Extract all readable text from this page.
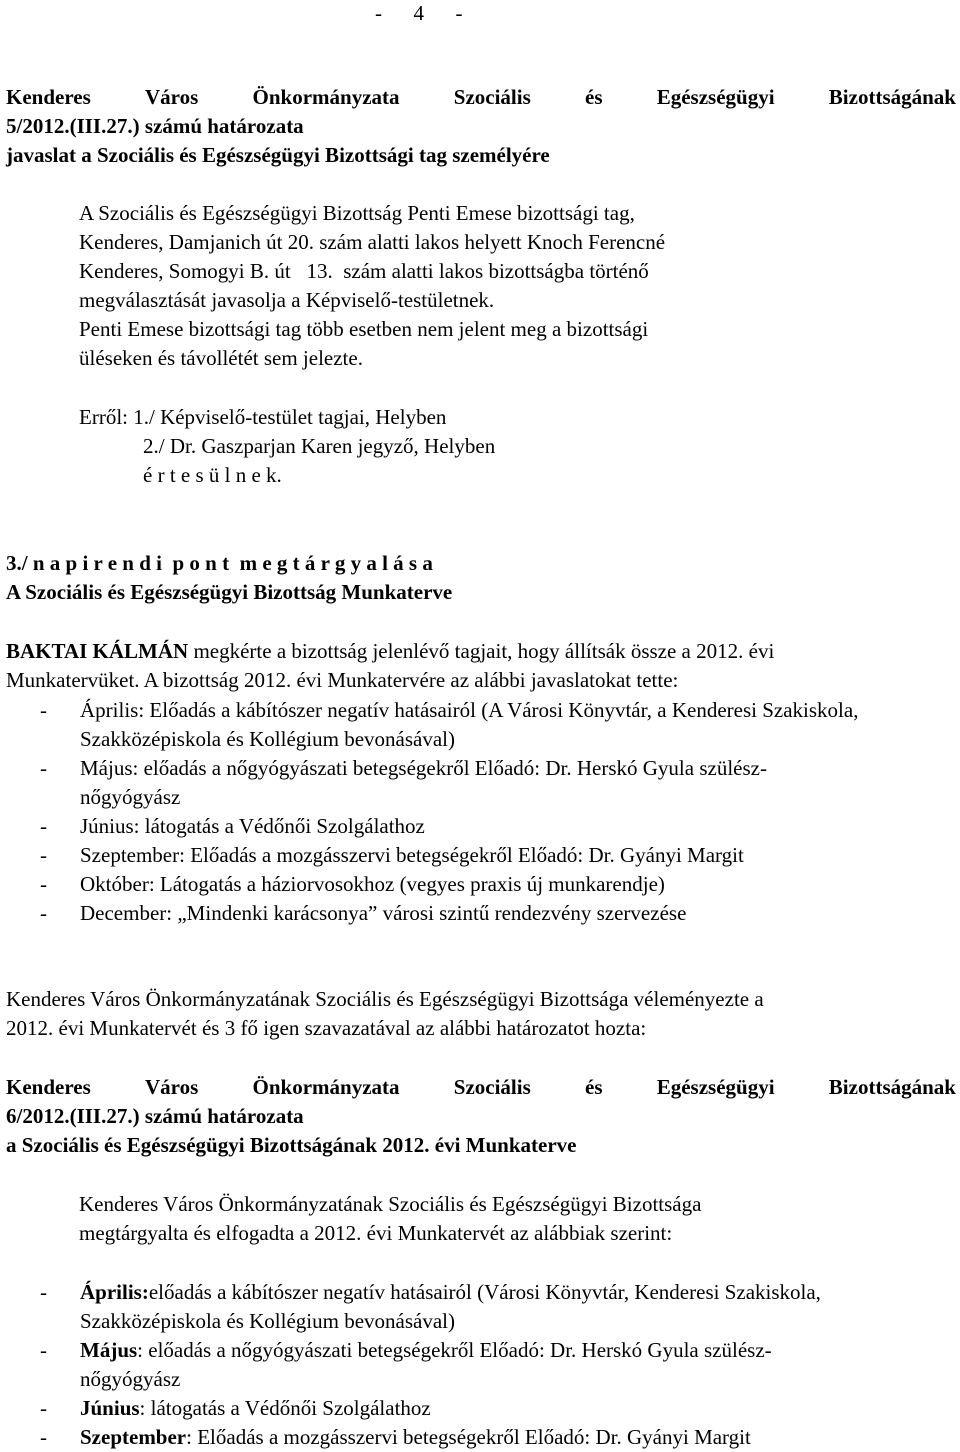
-      4      -
Kenderes	Város	Önkormányzata	Szociális	és	Egészségügyi	Bizottságának
5/2012.(III.27.) számú határozata
javaslat a Szociális és Egészségügyi Bizottsági tag személyére
A Szociális és Egészségügyi Bizottság Penti Emese bizottsági tag,
Kenderes, Damjanich út 20. szám alatti lakos helyett Knoch Ferencné
Kenderes, Somogyi B. út   13.  szám alatti lakos bizottságba történő
megválasztását javasolja a Képviselő-testületnek.
Penti Emese bizottsági tag több esetben nem jelent meg a bizottsági
üléseken és távollétét sem jelezte.
Erről: 1./ Képviselő-testület tagjai, Helyben
2./ Dr. Gaszparjan Karen jegyző, Helyben
é r t e s ü l n e k.
3./ n a p i r e n d i  p o n t  m e g t á r g y a l á s a
A Szociális és Egészségügyi Bizottság Munkaterve
BAKTAI KÁLMÁN megkérte a bizottság jelenlévő tagjait, hogy állítsák össze a 2012. évi
Munkatervüket. A bizottság 2012. évi Munkatervére az alábbi javaslatokat tette:
-	Április: Előadás a kábítószer negatív hatásairól (A Városi Könyvtár, a Kenderesi Szakiskola, Szakközépiskola és Kollégium bevonásával)
-	Május: előadás a nőgyógyászati betegségekről Előadó: Dr. Herskó Gyula szülész-nőgyógyász
-	Június: látogatás a Védőnői Szolgálathoz
-	Szeptember: Előadás a mozgásszervi betegségekről Előadó: Dr. Gyányi Margit
-	Október: Látogatás a háziorvosokhoz (vegyes praxis új munkarendje)
-	December: „Mindenki karácsonya” városi szintű rendezvény szervezése
Kenderes Város Önkormányzatának Szociális és Egészségügyi Bizottsága véleményezte a
2012. évi Munkatervét és 3 fő igen szavazatával az alábbi határozatot hozta:
Kenderes	Város	Önkormányzata	Szociális	és	Egészségügyi	Bizottságának
6/2012.(III.27.) számú határozata
a Szociális és Egészségügyi Bizottságának 2012. évi Munkaterve
Kenderes Város Önkormányzatának Szociális és Egészségügyi Bizottsága
megtárgyalta és elfogadta a 2012. évi Munkatervét az alábbiak szerint:
-	Április:előadás a kábítószer negatív hatásairól (Városi Könyvtár, Kenderesi Szakiskola, Szakközépiskola és Kollégium bevonásával)
-	Május: előadás a nőgyógyászati betegségekről Előadó: Dr. Herskó Gyula szülész-nőgyógyász
-	Június: látogatás a Védőnői Szolgálathoz
-	Szeptember: Előadás a mozgásszervi betegségekről Előadó: Dr. Gyányi Margit
